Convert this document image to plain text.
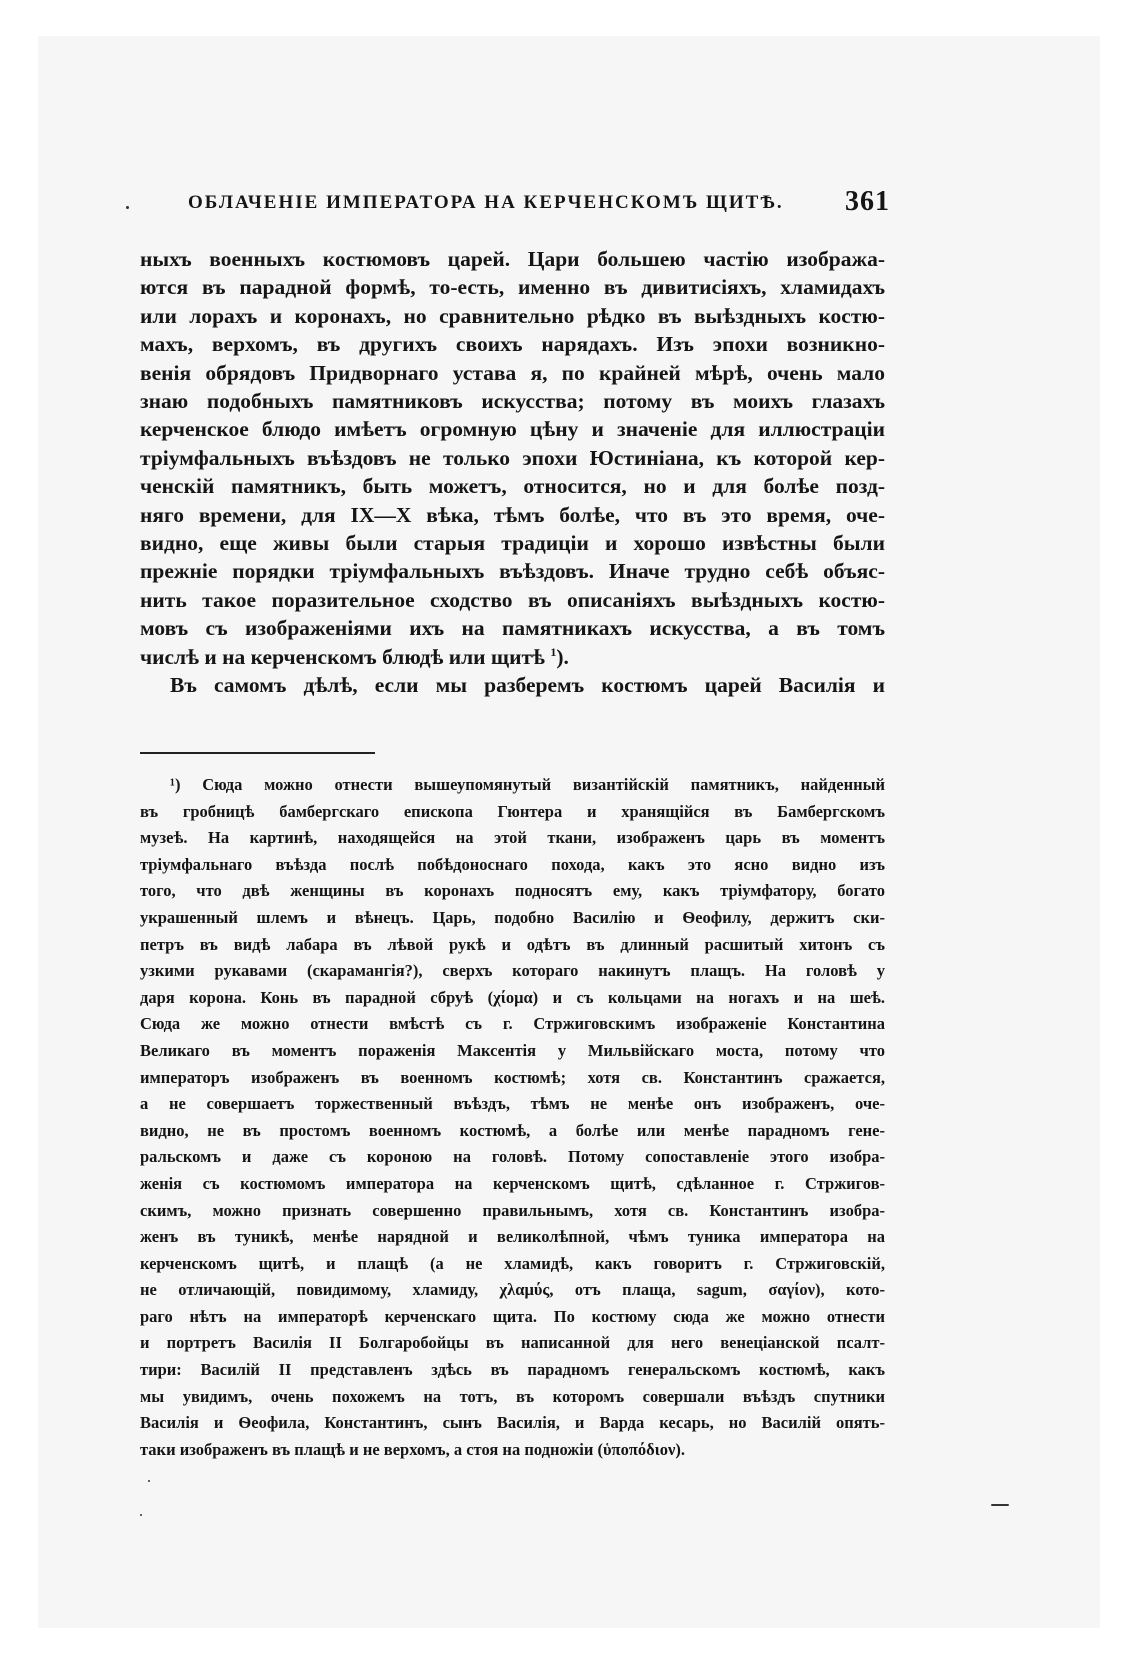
ОБЛАЧЕНІЕ ИМПЕРАТОРА НА КЕРЧЕНСКОМЪ ЩИТѢ. 361
ныхъ военныхъ костюмовъ царей. Цари большею частію изобража-
ются въ парадной формѣ, то-есть, именно въ дивитисіяхъ, хламидахъ
или лорахъ и коронахъ, но сравнительно рѣдко въ выѣздныхъ костю-
махъ, верхомъ, въ другихъ своихъ нарядахъ. Изъ эпохи возникно-
венія обрядовъ Придворнаго устава я, по крайней мѣрѣ, очень мало
знаю подобныхъ памятниковъ искусства; потому въ моихъ глазахъ
керченское блюдо имѣетъ огромную цѣну и значеніе для иллюстраціи
тріумфальныхъ въѣздовъ не только эпохи Юстиніана, къ которой кер-
ченскій памятникъ, быть можетъ, относится, но и для болѣе позд-
няго времени, для IX—X вѣка, тѣмъ болѣе, что въ это время, оче-
видно, еще живы были старыя традиціи и хорошо извѣстны были
прежніе порядки тріумфальныхъ въѣздовъ. Иначе трудно себѣ объяс-
нить такое поразительное сходство въ описаніяхъ выѣздныхъ костю-
мовъ съ изображеніями ихъ на памятникахъ искусства, а въ томъ
числѣ и на керченскомъ блюдѣ или щитѣ $^1$).
Въ самомъ дѣлѣ, если мы разберемъ костюмъ царей Василія и
¹) Сюда можно отнести вышеупомянутый византійскій памятникъ, найденный
въ гробницѣ бамбергскаго епископа Гюнтера и хранящійся въ Бамбергскомъ
музеѣ. На картинѣ, находящейся на этой ткани, изображенъ царь въ моментъ
тріумфальнаго въѣзда послѣ побѣдоноснаго похода, какъ это ясно видно изъ
того, что двѣ женщины въ коронахъ подносятъ ему, какъ тріумфатору, богато
украшенный шлемъ и вѣнецъ. Царь, подобно Василію и Ѳеофилу, держитъ ски-
петръ въ видѣ лабара въ лѣвой рукѣ и одѣтъ въ длинный расшитый хитонъ съ
узкими рукавами (скарамангія?), сверхъ котораго накинутъ плащъ. На головѣ у
даря корона. Конь въ парадной сбруѣ (χίομα) и съ кольцами на ногахъ и на шеѣ.
Сюда же можно отнести вмѣстѣ съ г. Стржиговскимъ изображеніе Константина
Великаго въ моментъ пораженія Максентія у Мильвійскаго моста, потому что
императоръ изображенъ въ военномъ костюмѣ; хотя св. Константинъ сражается,
а не совершаетъ торжественный въѣздъ, тѣмъ не менѣе онъ изображенъ, оче-
видно, не въ простомъ военномъ костюмѣ, а болѣе или менѣе парадномъ гене-
ральскомъ и даже съ короною на головѣ. Потому сопоставленіе этого изобра-
женія съ костюмомъ императора на керченскомъ щитѣ, сдѣланное г. Стржигов-
скимъ, можно признать совершенно правильнымъ, хотя св. Константинъ изобра-
женъ въ туникѣ, менѣе нарядной и великолѣпной, чѣмъ туника императора на
керченскомъ щитѣ, и плащѣ (а не хламидѣ, какъ говоритъ г. Стржиговскій,
не отличающій, повидимому, хламиду, χλαμύς, отъ плаща, sagum, σαγίον), кото-
раго нѣтъ на императорѣ керченскаго щита. По костюму сюда же можно отнести
и портретъ Василія II Болгаробойцы въ написанной для него венеціанской псалт-
тири: Василій II представленъ здѣсь въ парадномъ генеральскомъ костюмѣ, какъ
мы увидимъ, очень похожемъ на тотъ, въ которомъ совершали въѣздъ спутники
Василія и Ѳеофила, Константинъ, сынъ Василія, и Варда кесарь, но Василій опять-
таки изображенъ въ плащѣ и не верхомъ, а стоя на подножіи (ὑποπόδιον).
